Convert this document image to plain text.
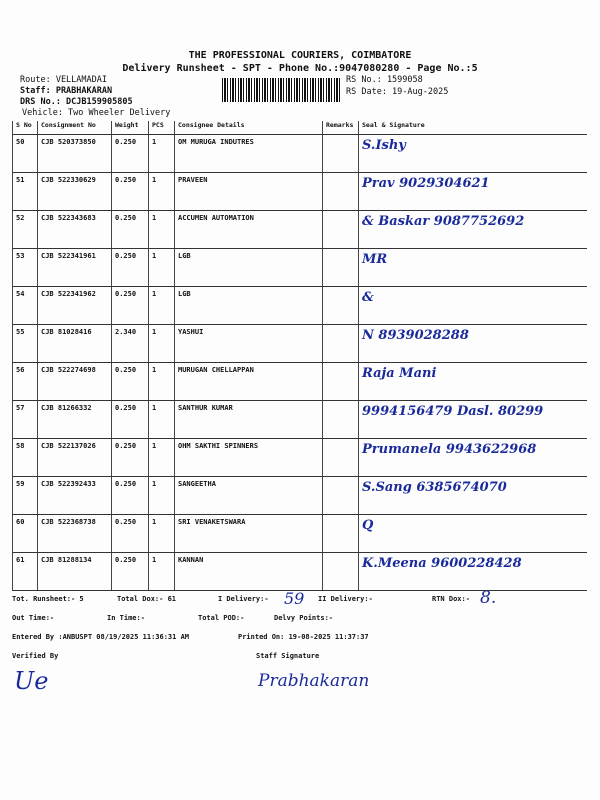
THE PROFESSIONAL COURIERS, COIMBATORE
Delivery Runsheet - SPT - Phone No.:9047080280 - Page No.:5
Route: VELLAMADAI
Staff: PRABHAKARAN
DRS No.: DCJB159905805
Vehicle: Two Wheeler Delivery
RS No.: 1599058
RS Date: 19-Aug-2025
S No	Consignment No	Weight	PCS	Consignee Details	Remarks	Seal & Signature
50	CJB 520373850	0.250	1	OM MURUGA INDUTRES		S.Ishy
51	CJB 522330629	0.250	1	PRAVEEN		Prav 9029304621
52	CJB 522343683	0.250	1	ACCUMEN AUTOMATION		& Baskar 9087752692
53	CJB 522341961	0.250	1	LGB		MR
54	CJB 522341962	0.250	1	LGB		&
55	CJB 81028416	2.340	1	YASHUI		N 8939028288
56	CJB 522274698	0.250	1	MURUGAN CHELLAPPAN		Raja Mani
57	CJB 81266332	0.250	1	SANTHUR KUMAR		9994156479 Dasl. 80299
58	CJB 522137026	0.250	1	OHM SAKTHI SPINNERS		Prumanela 9943622968
59	CJB 522392433	0.250	1	SANGEETHA		S.Sang 6385674070
60	CJB 522368738	0.250	1	SRI VENAKETSWARA		Q
61	CJB 81288134	0.250	1	KANNAN		K.Meena 9600228428
Tot. Runsheet:- 5	Total Dox:- 61	I Delivery:- 59 II Delivery:-	RTN Dox:- 8.
Out Time:-	In Time:-	Total POD:-	Delvy Points:-
Entered By :ANBUSPT 08/19/2025 11:36:31 AM	Printed On: 19-08-2025 11:37:37
Verified By
Ue
Staff Signature
Prabhakaran
